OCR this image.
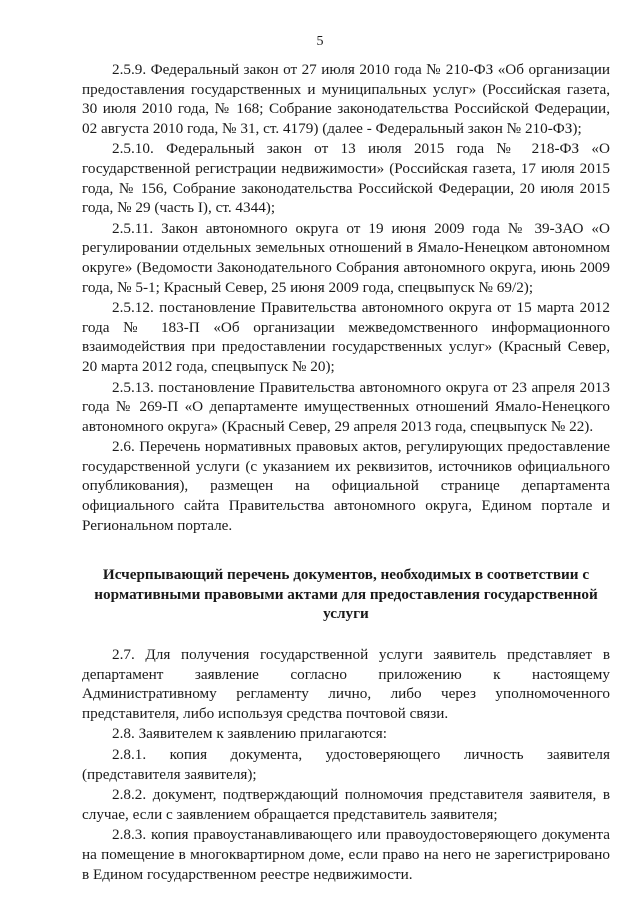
5

2.5.9. Федеральный закон от 27 июля 2010 года № 210-ФЗ «Об организации предоставления государственных и муниципальных услуг» (Российская газета, 30 июля 2010 года, № 168; Собрание законодательства Российской Федерации, 02 августа 2010 года, № 31, ст. 4179) (далее - Федеральный закон № 210-ФЗ);

2.5.10. Федеральный закон от 13 июля 2015 года № 218-ФЗ «О государственной регистрации недвижимости» (Российская газета, 17 июля 2015 года, № 156, Собрание законодательства Российской Федерации, 20 июля 2015 года, № 29 (часть I), ст. 4344);

2.5.11. Закон автономного округа от 19 июня 2009 года № 39-ЗАО «О регулировании отдельных земельных отношений в Ямало-Ненецком автономном округе» (Ведомости Законодательного Собрания автономного округа, июнь 2009 года, № 5-1; Красный Север, 25 июня 2009 года, спецвыпуск № 69/2);

2.5.12. постановление Правительства автономного округа от 15 марта 2012 года № 183-П «Об организации межведомственного информационного взаимодействия при предоставлении государственных услуг» (Красный Север, 20 марта 2012 года, спецвыпуск № 20);

2.5.13. постановление Правительства автономного округа от 23 апреля 2013 года № 269-П «О департаменте имущественных отношений Ямало-Ненецкого автономного округа» (Красный Север, 29 апреля 2013 года, спецвыпуск № 22).

2.6. Перечень нормативных правовых актов, регулирующих предоставление государственной услуги (с указанием их реквизитов, источников официального опубликования), размещен на официальной странице департамента официального сайта Правительства автономного округа, Едином портале и Региональном портале.

Исчерпывающий перечень документов, необходимых в соответствии с нормативными правовыми актами для предоставления государственной услуги

2.7. Для получения государственной услуги заявитель представляет в департамент заявление согласно приложению к настоящему Административному регламенту лично, либо через уполномоченного представителя, либо используя средства почтовой связи.

2.8. Заявителем к заявлению прилагаются:

2.8.1. копия документа, удостоверяющего личность заявителя (представителя заявителя);

2.8.2. документ, подтверждающий полномочия представителя заявителя, в случае, если с заявлением обращается представитель заявителя;

2.8.3. копия правоустанавливающего или правоудостоверяющего документа на помещение в многоквартирном доме, если право на него не зарегистрировано в Едином государственном реестре недвижимости.
